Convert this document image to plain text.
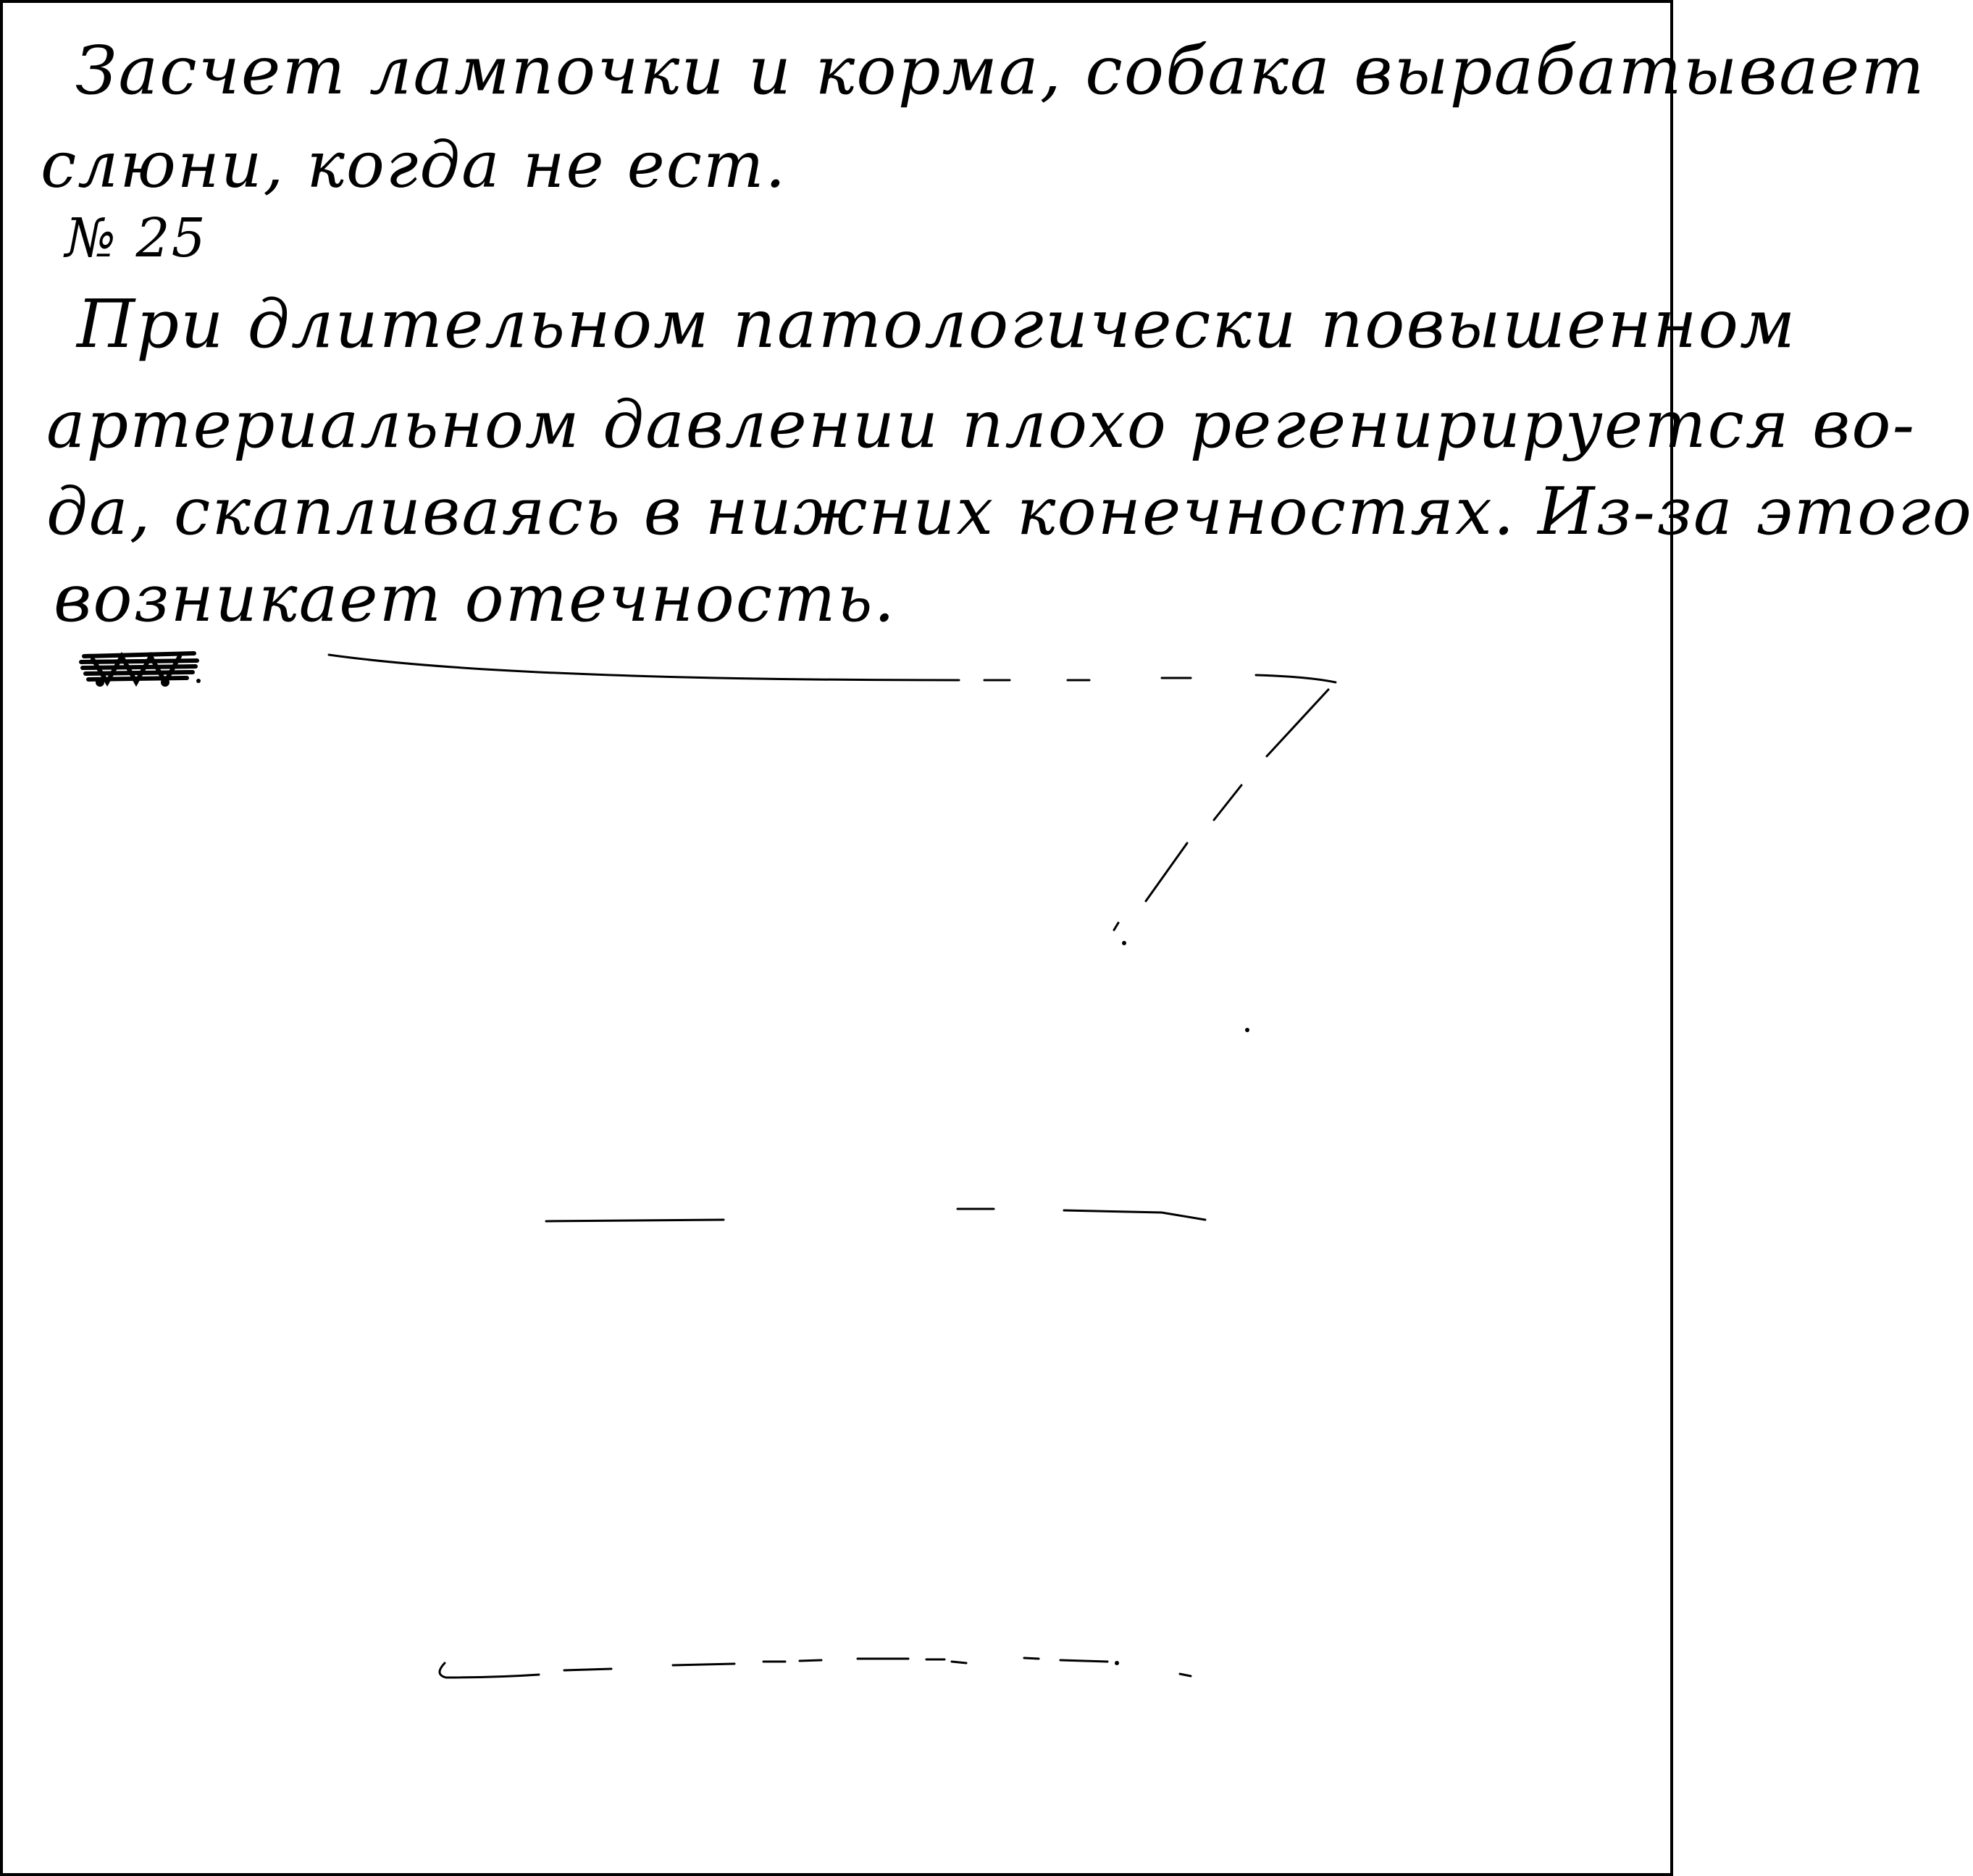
Засчет лампочки и корма, собака вырабатывает
слюни, когда не ест.
№ 25
При длительном патологически повышенном
артериальном давлении плохо регенирируется во-
да, скапливаясь в нижних конечностях. Из-за этого
возникает отечность.
